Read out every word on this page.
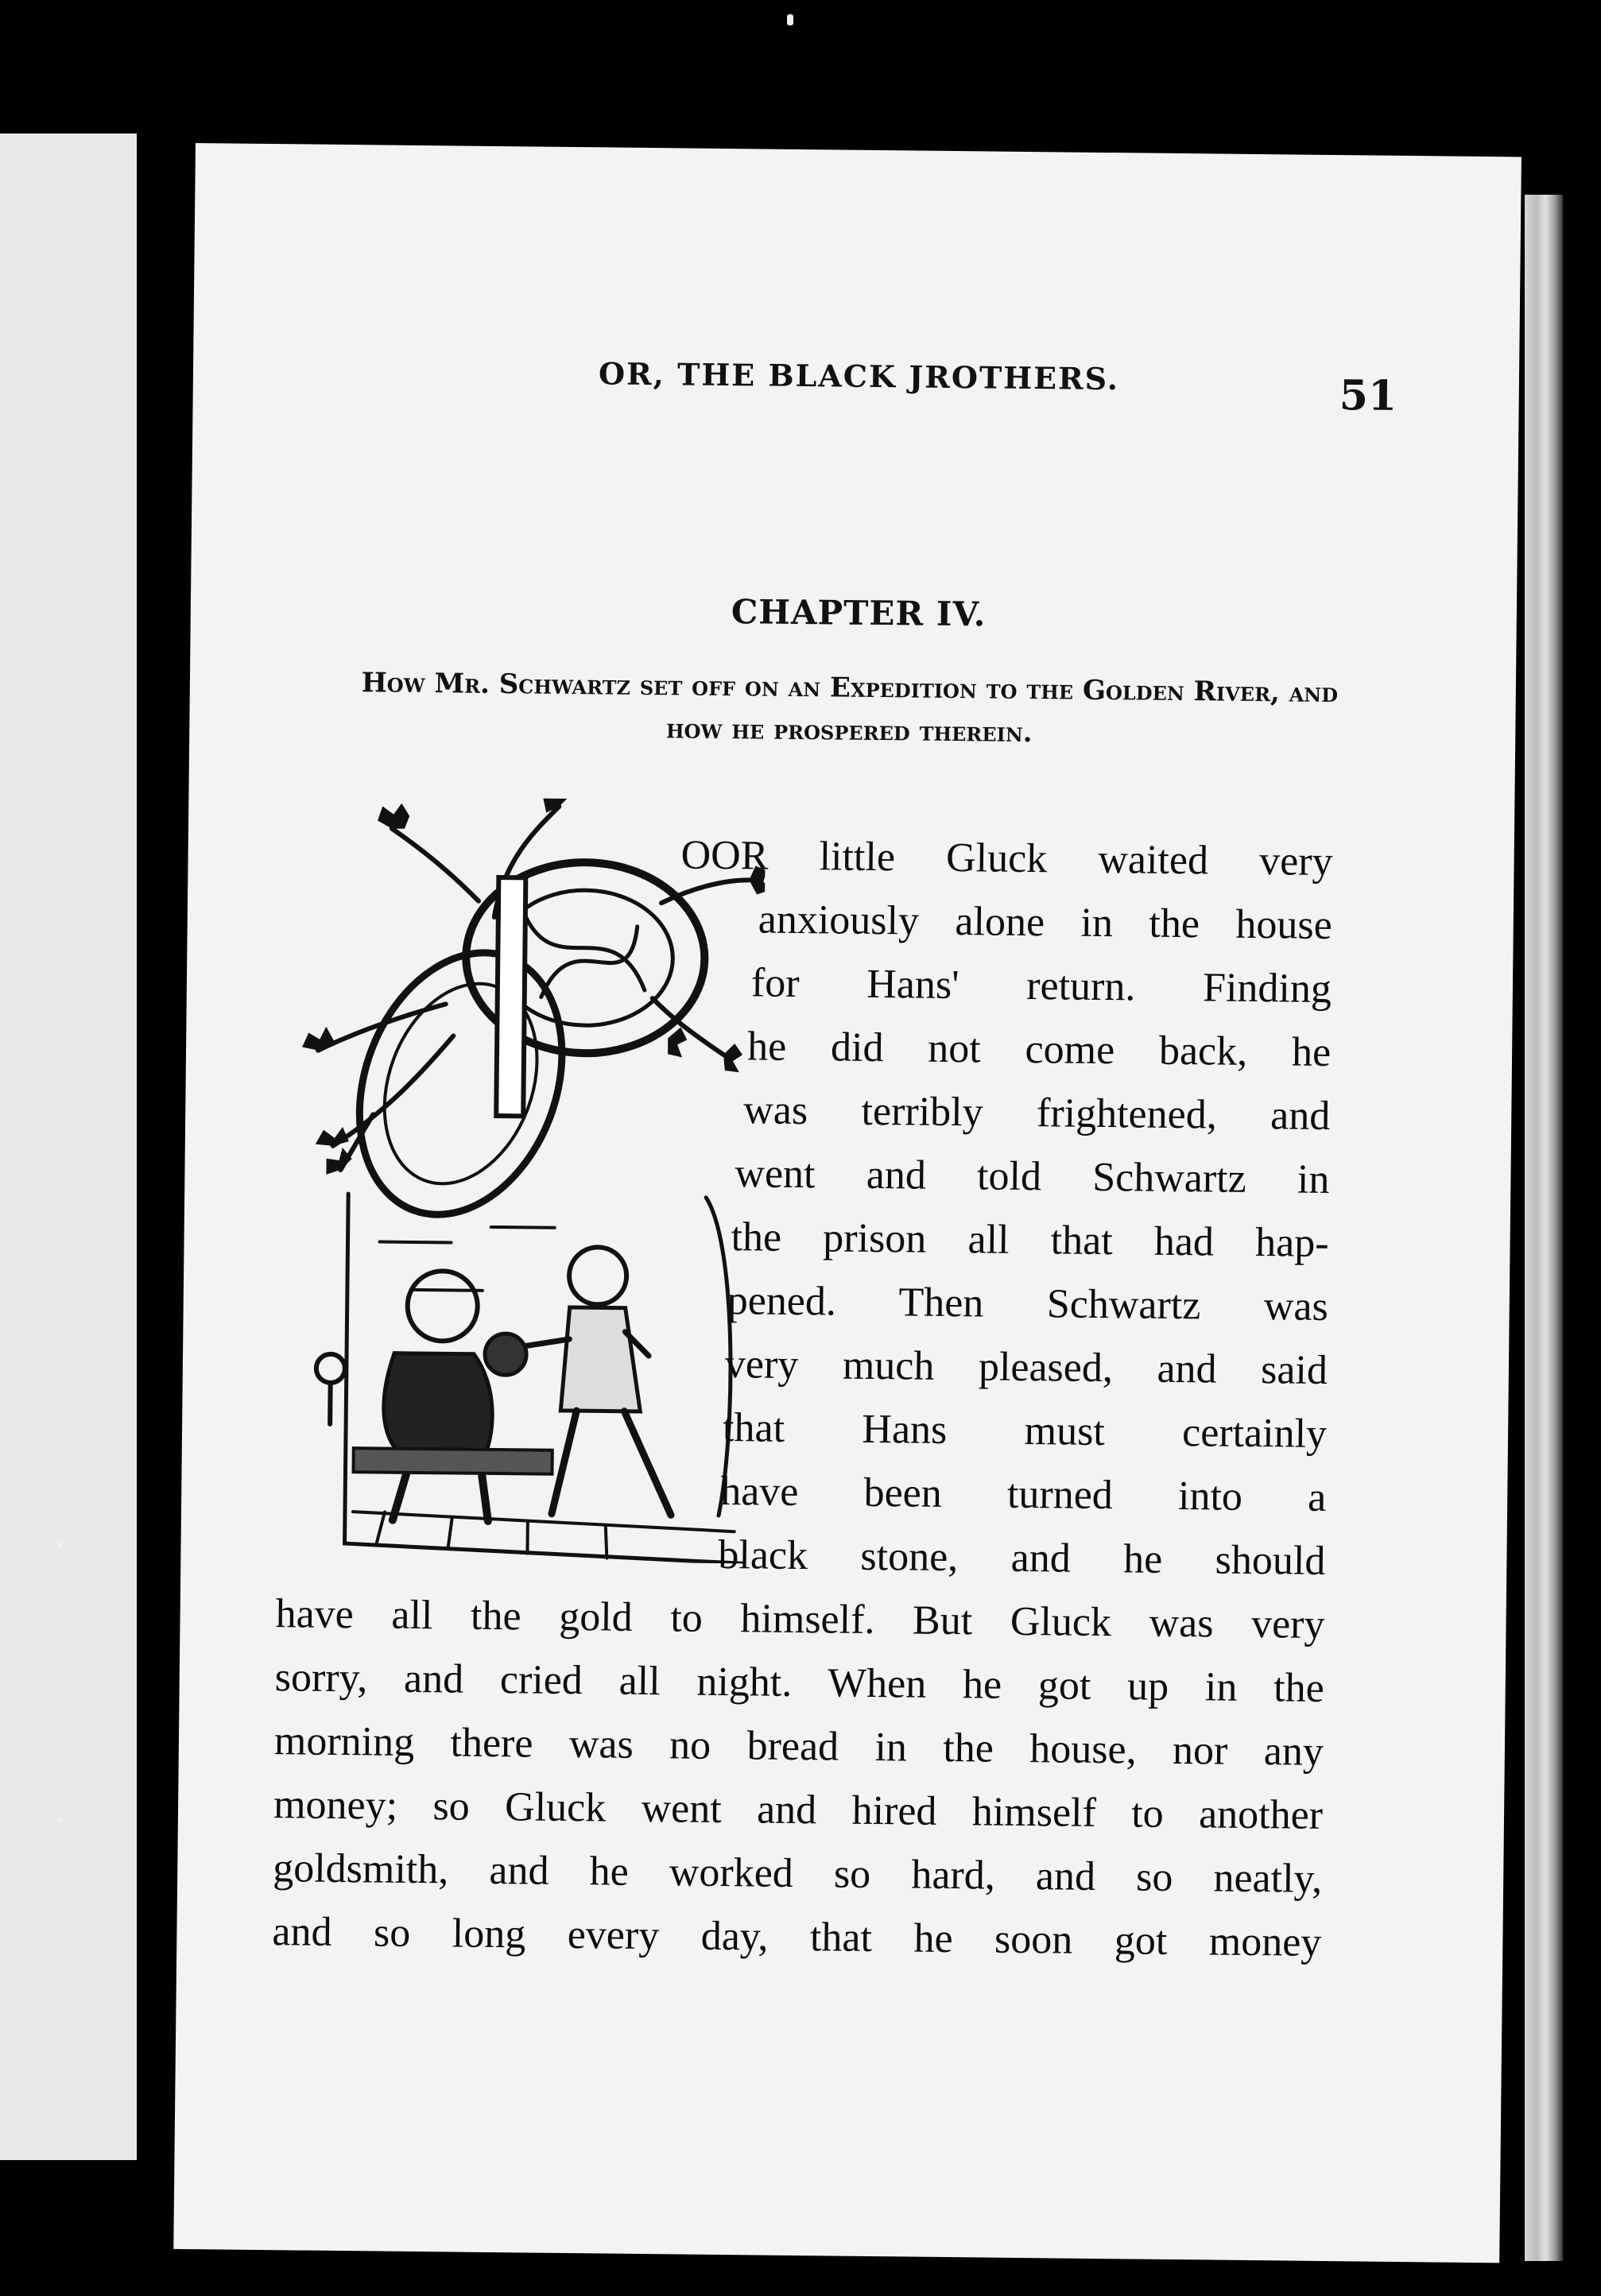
OR, THE BLACK JROTHERS.	51
CHAPTER IV.
How Mr. Schwartz set off on an Expedition to the Golden River, and how he prospered therein.
OOR little Gluck waited very
anxiously alone in the house
for Hans' return. Finding
he did not come back, he
was terribly frightened, and
went and told Schwartz in
the prison all that had hap-
pened. Then Schwartz was
very much pleased, and said
that Hans must certainly
have been turned into a
black stone, and he should
have all the gold to himself. But Gluck was very
sorry, and cried all night. When he got up in the
morning there was no bread in the house, nor any
money; so Gluck went and hired himself to another
goldsmith, and he worked so hard, and so neatly,
and so long every day, that he soon got money
